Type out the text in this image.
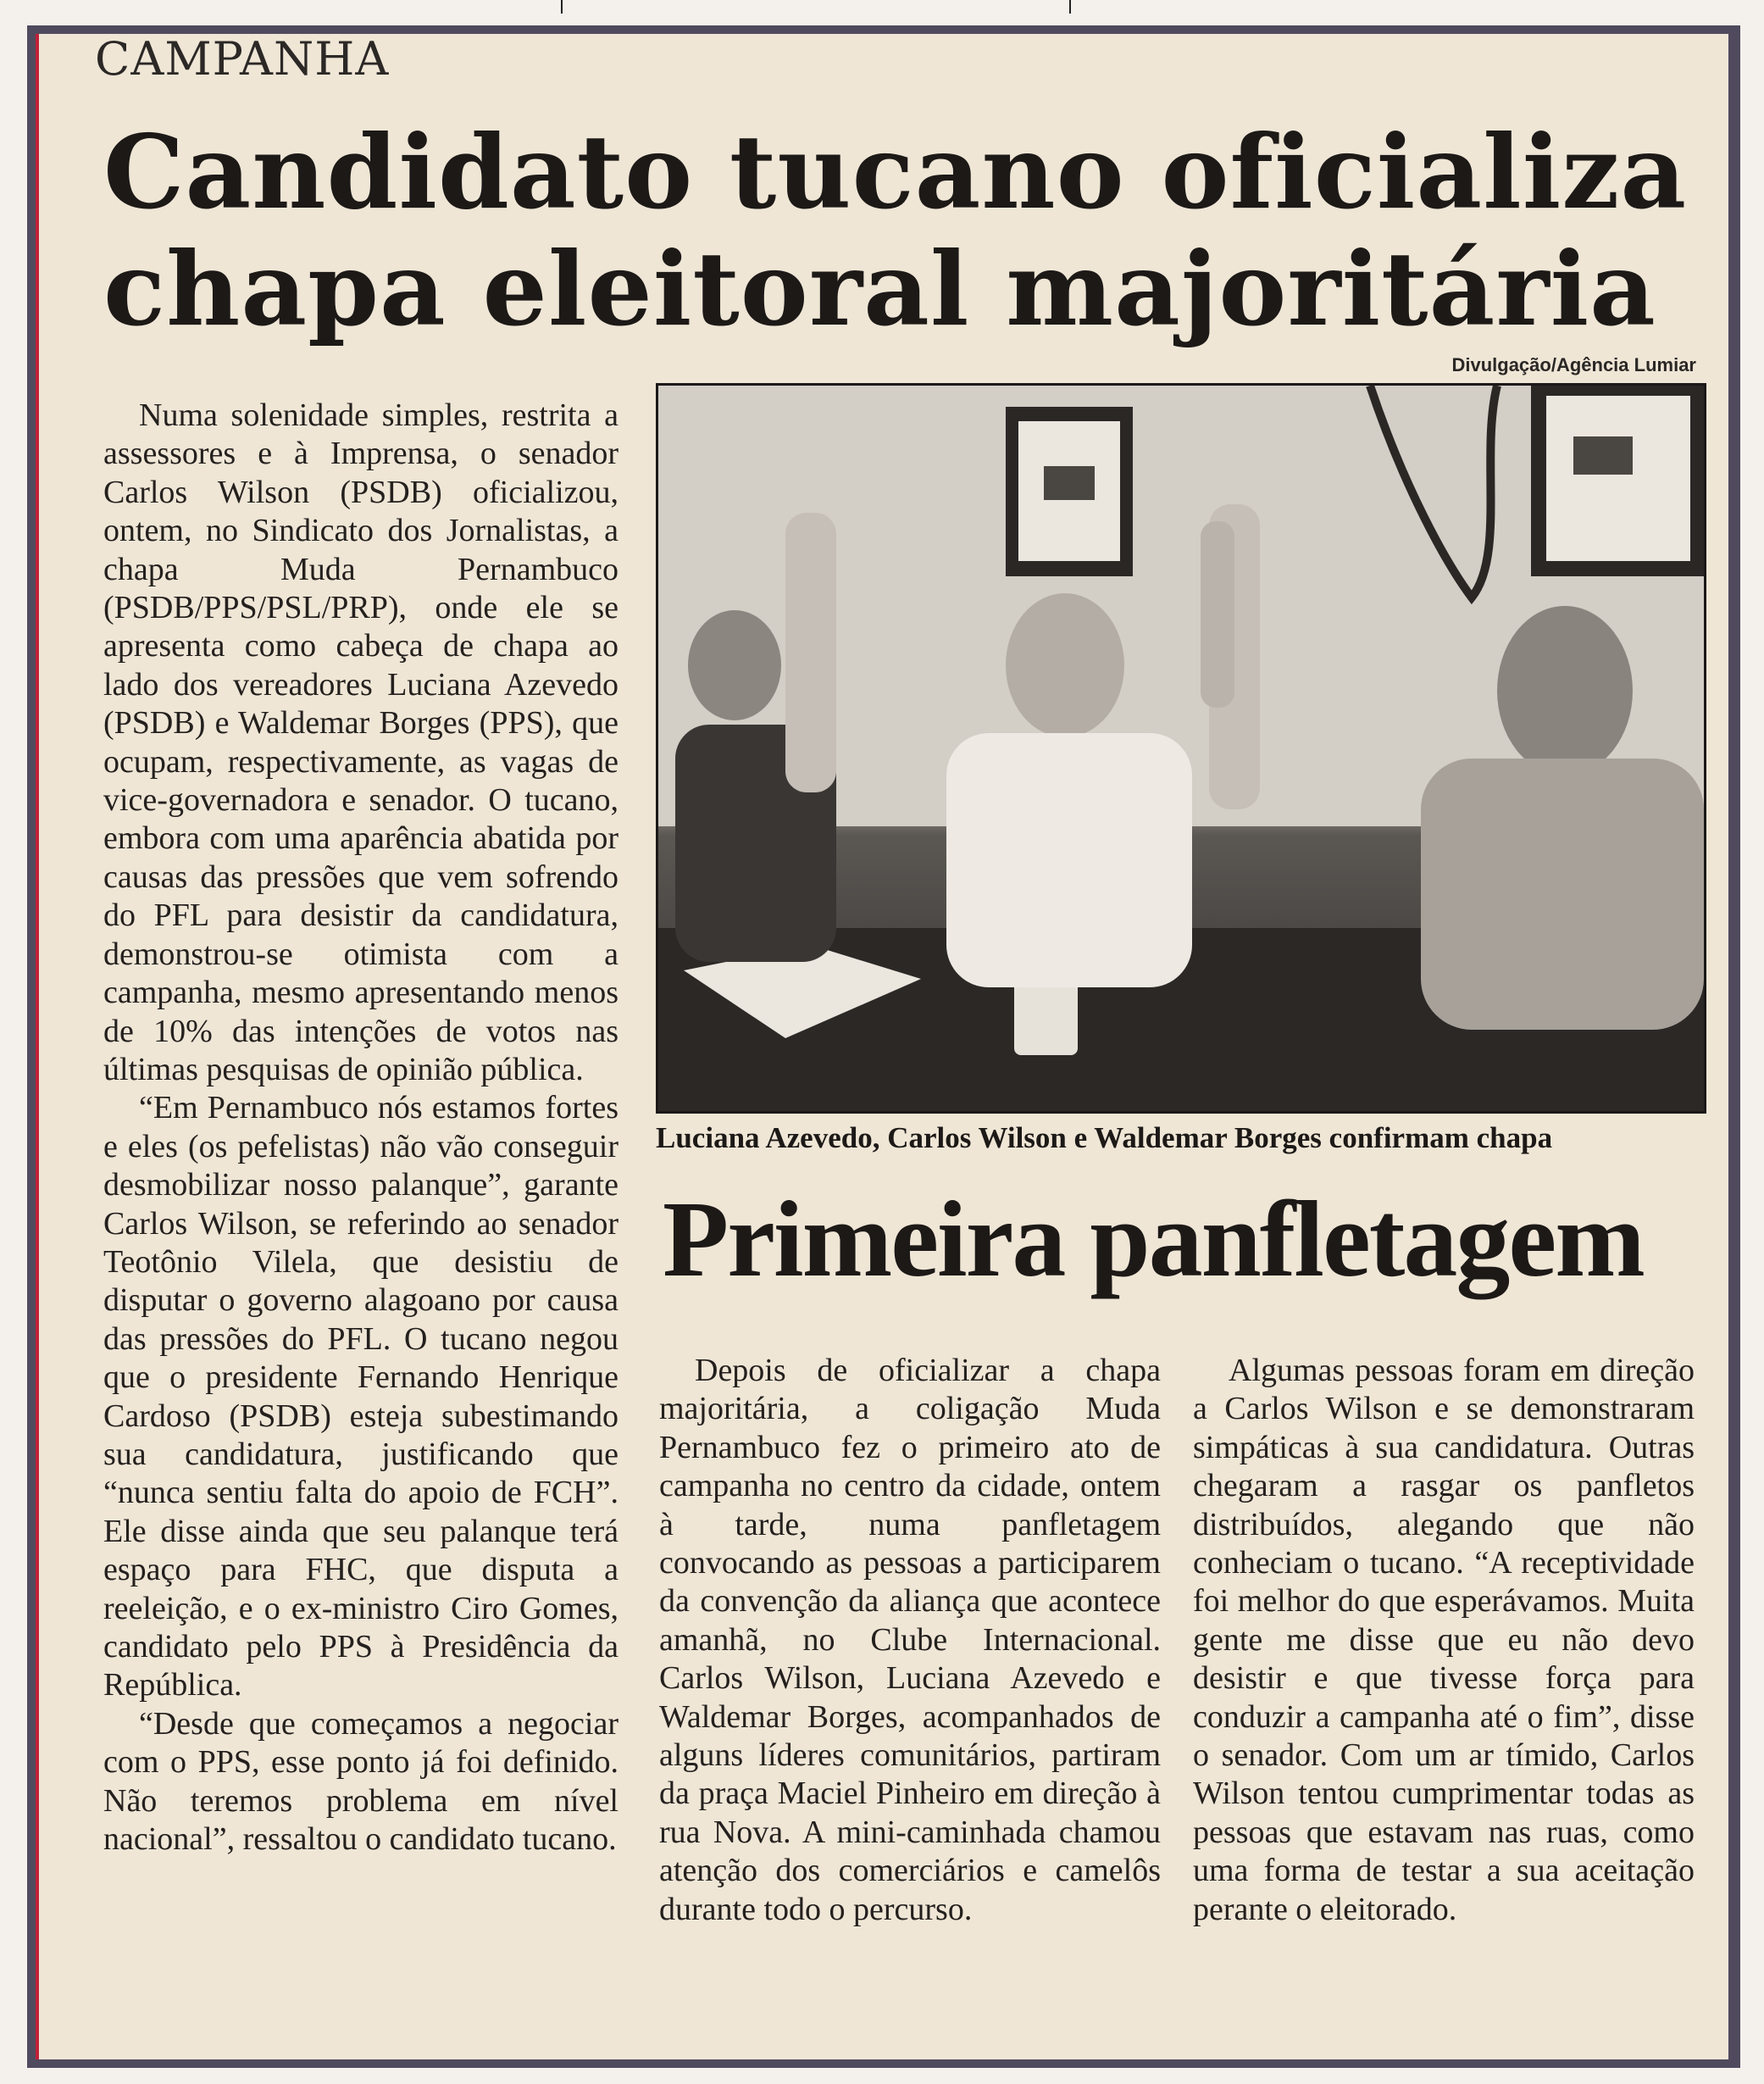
CAMPANHA
Candidato tucano oficializa chapa eleitoral majoritária
Divulgação/Agência Lumiar
Luciana Azevedo, Carlos Wilson e Waldemar Borges confirmam chapa
Primeira panfletagem

Numa solenidade simples, restrita a assessores e à Imprensa, o senador Carlos Wilson (PSDB) oficializou, ontem, no Sindicato dos Jornalistas, a chapa Muda Pernambuco (PSDB/PPS/PSL/PRP), onde ele se apresenta como cabeça de chapa ao lado dos vereadores Luciana Azevedo (PSDB) e Waldemar Borges (PPS), que ocupam, respectivamente, as vagas de vice-governadora e senador. O tucano, embora com uma aparência abatida por causas das pressões que vem sofrendo do PFL para desistir da candidatura, demonstrou-se otimista com a campanha, mesmo apresentando menos de 10% das intenções de votos nas últimas pesquisas de opinião pública.

“Em Pernambuco nós estamos fortes e eles (os pefelistas) não vão conseguir desmobilizar nosso palanque”, garante Carlos Wilson, se referindo ao senador Teotônio Vilela, que desistiu de disputar o governo alagoano por causa das pressões do PFL. O tucano negou que o presidente Fernando Henrique Cardoso (PSDB) esteja subestimando sua candidatura, justificando que “nunca sentiu falta do apoio de FCH”. Ele disse ainda que seu palanque terá espaço para FHC, que disputa a reeleição, e o ex-ministro Ciro Gomes, candidato pelo PPS à Presidência da República.

“Desde que começamos a negociar com o PPS, esse ponto já foi definido. Não teremos problema em nível nacional”, ressaltou o candidato tucano.

Depois de oficializar a chapa majoritária, a coligação Muda Pernambuco fez o primeiro ato de campanha no centro da cidade, ontem à tarde, numa panfletagem convocando as pessoas a participarem da convenção da aliança que acontece amanhã, no Clube Internacional. Carlos Wilson, Luciana Azevedo e Waldemar Borges, acompanhados de alguns líderes comunitários, partiram da praça Maciel Pinheiro em direção à rua Nova. A mini-caminhada chamou atenção dos comerciários e camelôs durante todo o percurso.

Algumas pessoas foram em direção a Carlos Wilson e se demonstraram simpáticas à sua candidatura. Outras chegaram a rasgar os panfletos distribuídos, alegando que não conheciam o tucano. “A receptividade foi melhor do que esperávamos. Muita gente me disse que eu não devo desistir e que tivesse força para conduzir a campanha até o fim”, disse o senador. Com um ar tímido, Carlos Wilson tentou cumprimentar todas as pessoas que estavam nas ruas, como uma forma de testar a sua aceitação perante o eleitorado.
